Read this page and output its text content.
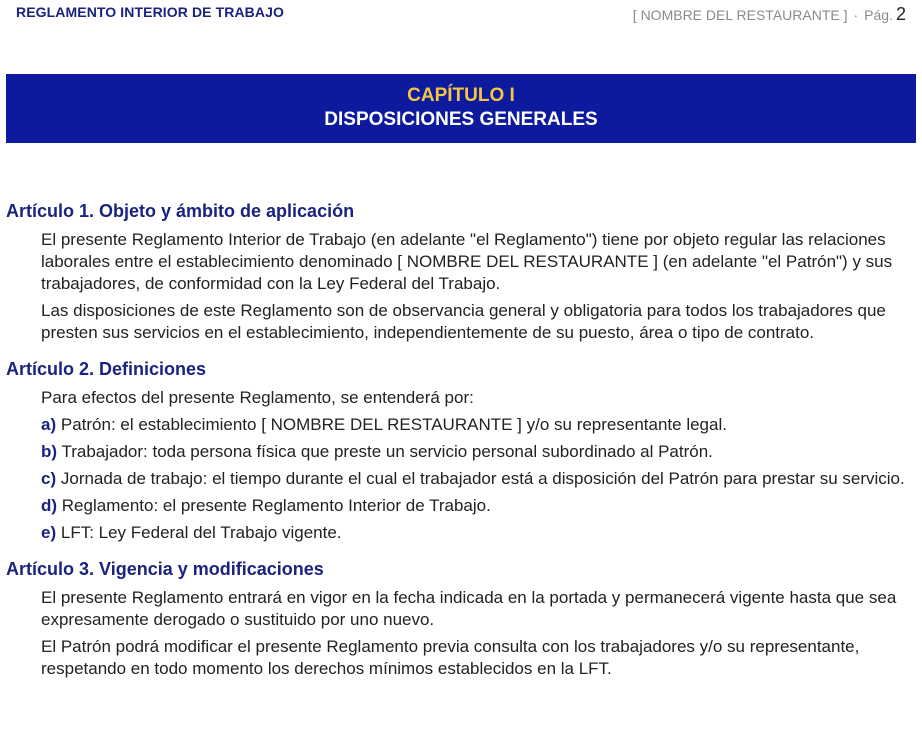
REGLAMENTO INTERIOR DE TRABAJO	[ NOMBRE DEL RESTAURANTE ] · Pág. 2
CAPÍTULO I
DISPOSICIONES GENERALES
Artículo 1. Objeto y ámbito de aplicación

El presente Reglamento Interior de Trabajo (en adelante "el Reglamento") tiene por objeto regular las relaciones laborales entre el establecimiento denominado [ NOMBRE DEL RESTAURANTE ] (en adelante "el Patrón") y sus trabajadores, de conformidad con la Ley Federal del Trabajo.

Las disposiciones de este Reglamento son de observancia general y obligatoria para todos los trabajadores que presten sus servicios en el establecimiento, independientemente de su puesto, área o tipo de contrato.

Artículo 2. Definiciones

Para efectos del presente Reglamento, se entenderá por:

a) Patrón: el establecimiento [ NOMBRE DEL RESTAURANTE ] y/o su representante legal.
b) Trabajador: toda persona física que preste un servicio personal subordinado al Patrón.
c) Jornada de trabajo: el tiempo durante el cual el trabajador está a disposición del Patrón para prestar su servicio.
d) Reglamento: el presente Reglamento Interior de Trabajo.
e) LFT: Ley Federal del Trabajo vigente.
Artículo 3. Vigencia y modificaciones

El presente Reglamento entrará en vigor en la fecha indicada en la portada y permanecerá vigente hasta que sea expresamente derogado o sustituido por uno nuevo.

El Patrón podrá modificar el presente Reglamento previa consulta con los trabajadores y/o su representante, respetando en todo momento los derechos mínimos establecidos en la LFT.
